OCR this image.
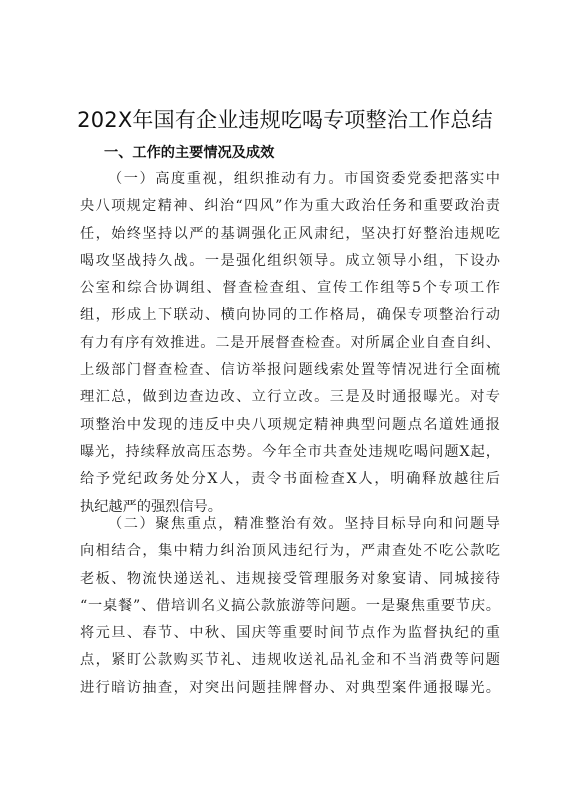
202X年国有企业违规吃喝专项整治工作总结
一、工作的主要情况及成效
（一）高度重视，组织推动有力。市国资委党委把落实中
央八项规定精神、纠治“四风”作为重大政治任务和重要政治责
任，始终坚持以严的基调强化正风肃纪，坚决打好整治违规吃
喝攻坚战持久战。一是强化组织领导。成立领导小组，下设办
公室和综合协调组、督查检查组、宣传工作组等5个专项工作
组，形成上下联动、横向协同的工作格局，确保专项整治行动
有力有序有效推进。二是开展督查检查。对所属企业自查自纠、
上级部门督查检查、信访举报问题线索处置等情况进行全面梳
理汇总，做到边查边改、立行立改。三是及时通报曝光。对专
项整治中发现的违反中央八项规定精神典型问题点名道姓通报
曝光，持续释放高压态势。今年全市共查处违规吃喝问题X起，
给予党纪政务处分X人，责令书面检查X人，明确释放越往后
执纪越严的强烈信号。
（二）聚焦重点，精准整治有效。坚持目标导向和问题导
向相结合，集中精力纠治顶风违纪行为，严肃查处不吃公款吃
老板、物流快递送礼、违规接受管理服务对象宴请、同城接待
“一桌餐”、借培训名义搞公款旅游等问题。一是聚焦重要节庆。
将元旦、春节、中秋、国庆等重要时间节点作为监督执纪的重
点，紧盯公款购买节礼、违规收送礼品礼金和不当消费等问题
进行暗访抽查，对突出问题挂牌督办、对典型案件通报曝光。
